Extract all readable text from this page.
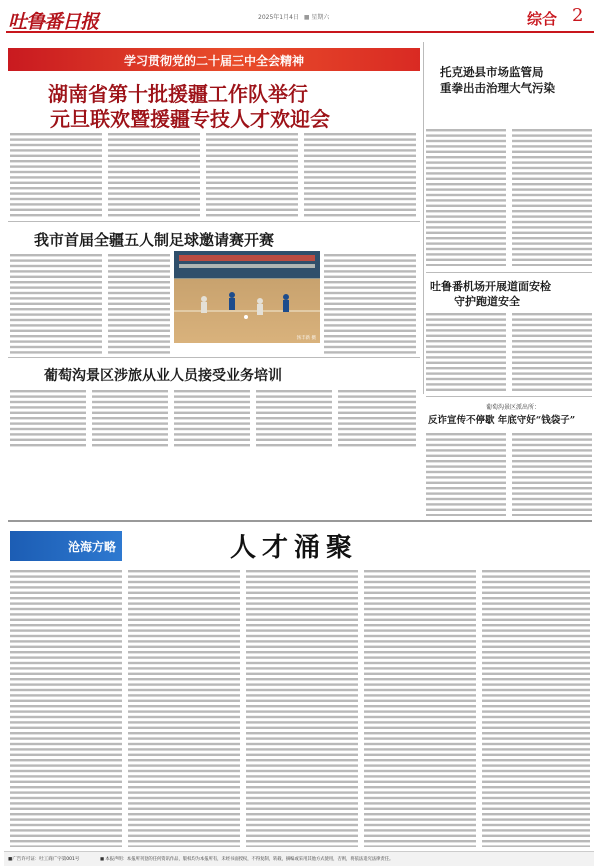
吐鲁番日报	2025年1月4日 ■ 星期六	综合 2
学习贯彻党的二十届三中全会精神
湖南省第十批援疆工作队举行
元旦联欢暨援疆专技人才欢迎会
托克逊县市场监管局
重拳出击治理大气污染
我市首届全疆五人制足球邀请赛开赛
汤丰新 摄
吐鲁番机场开展道面安检
守护跑道安全
葡萄沟景区涉旅从业人员接受业务培训
葡萄沟景区派出所：
反诈宣传不停歇 年底守好“钱袋子”
人才涌聚
沧海方略
■广告许可证：吐工商广字第001号	■ 本报声明：本报所刊登的任何资讯作品，版权均为本报所有，未经书面授权，不得复制，转载，摘编或采用其他方式使用，否则，将依法追究法律责任。
